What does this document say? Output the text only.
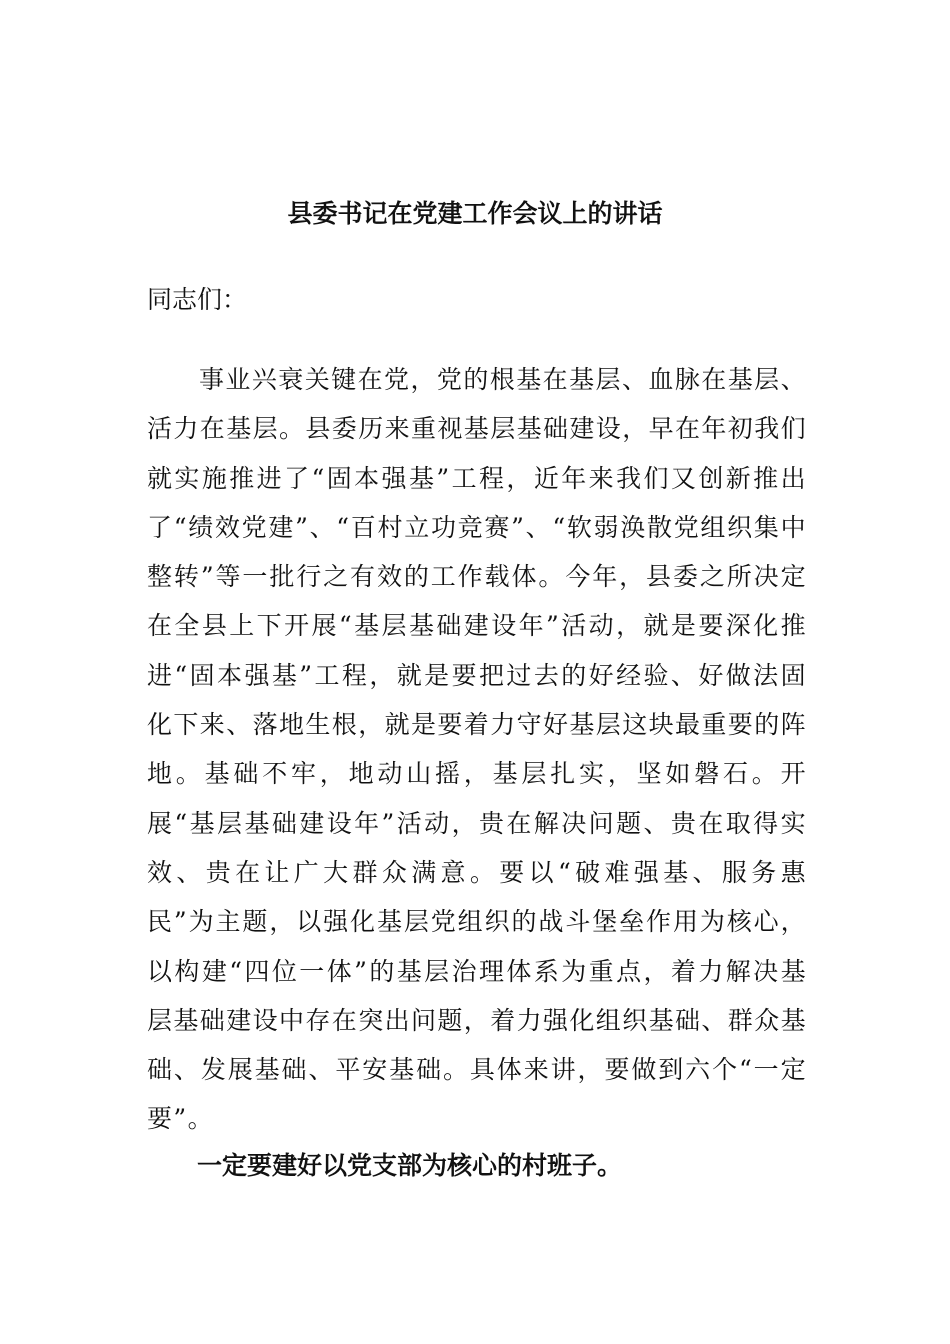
县委书记在党建工作会议上的讲话
同志们：

事业兴衰关键在党，党的根基在基层、血脉在基层、活力在基层。县委历来重视基层基础建设，早在年初我们就实施推进了“固本强基”工程，近年来我们又创新推出了“绩效党建”、“百村立功竞赛”、“软弱涣散党组织集中整转”等一批行之有效的工作载体。今年，县委之所决定在全县上下开展“基层基础建设年”活动，就是要深化推进“固本强基”工程，就是要把过去的好经验、好做法固化下来、落地生根，就是要着力守好基层这块最重要的阵地。基础不牢，地动山摇，基层扎实，坚如磐石。开展“基层基础建设年”活动，贵在解决问题、贵在取得实效、贵在让广大群众满意。要以“破难强基、服务惠民”为主题，以强化基层党组织的战斗堡垒作用为核心，以构建“四位一体”的基层治理体系为重点，着力解决基层基础建设中存在突出问题，着力强化组织基础、群众基础、发展基础、平安基础。具体来讲，要做到六个“一定要”。

一定要建好以党支部为核心的村班子。
